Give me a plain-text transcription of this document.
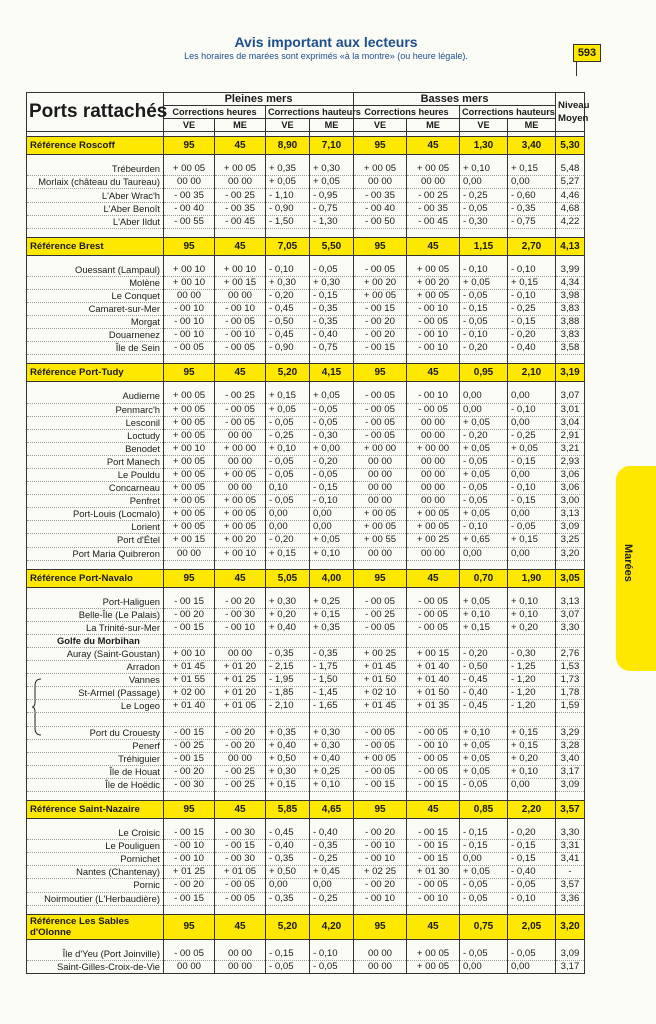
Avis important aux lecteurs
Les horaires de marées sont exprimés «à la montre» (ou heure légale).	593
Marées
Ports rattachés	Pleines mers				Basses mers				Niveau Moyen
	Corrections heures		Corrections hauteurs		Corrections heures		Corrections hauteurs		
	VE	ME	VE	ME	VE	ME	VE	ME	

Référence Roscoff	95	45	8,90	7,10	95	45	1,30	3,40	5,30

Trébeurden	+ 00 05	+ 00 05	+ 0,35	+ 0,30	+ 00 05	+ 00 05	+ 0,10	+ 0,15	5,48
Morlaix (château du Taureau)	00 00	00 00	+ 0,05	+ 0,05	00 00	00 00	0,00	0,00	5,27
L'Aber Wrac'h	- 00 35	- 00 25	- 1,10	- 0,95	- 00 35	- 00 25	- 0,25	- 0,60	4,46
L'Aber Benoît	- 00 40	- 00 35	- 0,90	- 0,75	- 00 40	- 00 35	- 0,05	- 0,35	4,68
L'Aber Ildut	- 00 55	- 00 45	- 1,50	- 1,30	- 00 50	- 00 45	- 0,30	- 0,75	4,22

Référence Brest	95	45	7,05	5,50	95	45	1,15	2,70	4,13

Ouessant (Lampaul)	+ 00 10	+ 00 10	- 0,10	- 0,05	- 00 05	+ 00 05	- 0,10	- 0,10	3,99
Molène	+ 00 10	+ 00 15	+ 0,30	+ 0,30	+ 00 20	+ 00 20	+ 0,05	+ 0,15	4,34
Le Conquet	00 00	00 00	- 0,20	- 0,15	+ 00 05	+ 00 05	- 0,05	- 0,10	3,98
Camaret-sur-Mer	- 00 10	- 00 10	- 0,45	- 0,35	- 00 15	- 00 10	- 0,15	- 0,25	3,83
Morgat	- 00 10	- 00 05	- 0,50	- 0,35	- 00 20	- 00 05	- 0,05	- 0,15	3,88
Douarnenez	- 00 10	- 00 10	- 0,45	- 0,40	- 00 20	- 00 10	- 0,10	- 0,20	3,83
Île de Sein	- 00 05	- 00 05	- 0,90	- 0,75	- 00 15	- 00 10	- 0,20	- 0,40	3,58

Référence Port-Tudy	95	45	5,20	4,15	95	45	0,95	2,10	3,19

Audierne	+ 00 05	- 00 25	+ 0,15	+ 0,05	- 00 05	- 00 10	0,00	0,00	3,07
Penmarc'h	+ 00 05	- 00 05	+ 0,05	- 0,05	- 00 05	- 00 05	0,00	- 0,10	3,01
Lesconil	+ 00 05	- 00 05	- 0,05	- 0,05	- 00 05	00 00	+ 0,05	0,00	3,04
Loctudy	+ 00 05	00 00	- 0,25	- 0,30	- 00 05	00 00	- 0,20	- 0,25	2,91
Benodet	+ 00 10	+ 00 00	+ 0,10	+ 0,00	+ 00 00	+ 00 00	+ 0,05	+ 0,05	3,21
Port Manech	+ 00 05	00 00	- 0,05	- 0,20	00 00	00 00	- 0,05	- 0,15	2,93
Le Pouldu	+ 00 05	+ 00 05	- 0,05	- 0,05	00 00	00 00	+ 0,05	0,00	3,06
Concarneau	+ 00 05	00 00	0,10	- 0,15	00 00	00 00	- 0,05	- 0,10	3,06
Penfret	+ 00 05	+ 00 05	- 0,05	- 0,10	00 00	00 00	- 0,05	- 0,15	3,00
Port-Louis (Locmalo)	+ 00 05	+ 00 05	0,00	0,00	+ 00 05	+ 00 05	+ 0,05	0,00	3,13
Lorient	+ 00 05	+ 00 05	0,00	0,00	+ 00 05	+ 00 05	- 0,10	- 0,05	3,09
Port d'Étel	+ 00 15	+ 00 20	- 0,20	+ 0,05	+ 00 55	+ 00 25	+ 0,65	+ 0,15	3,25
Port Maria Quibreron	00 00	+ 00 10	+ 0,15	+ 0,10	00 00	00 00	0,00	0,00	3,20

Référence Port-Navalo	95	45	5,05	4,00	95	45	0,70	1,90	3,05

Port-Haliguen	- 00 15	- 00 20	+ 0,30	+ 0,25	- 00 05	- 00 05	+ 0,05	+ 0,10	3,13
Belle-Île (Le Palais)	- 00 20	- 00 30	+ 0,20	+ 0,15	- 00 25	- 00 05	+ 0,10	+ 0,10	3,07
La Trinité-sur-Mer	- 00 15	- 00 10	+ 0,40	+ 0,35	- 00 05	- 00 05	+ 0,15	+ 0,20	3,30
Golfe du Morbihan									
Auray (Saint-Goustan)	+ 00 10	00 00	- 0,35	- 0,35	+ 00 25	+ 00 15	- 0,20	- 0,30	2,76
Arradon	+ 01 45	+ 01 20	- 2,15	- 1,75	+ 01 45	+ 01 40	- 0,50	- 1,25	1,53
Vannes	+ 01 55	+ 01 25	- 1,95	- 1,50	+ 01 50	+ 01 40	- 0,45	- 1,20	1,73
St-Armel (Passage)	+ 02 00	+ 01 20	- 1,85	- 1,45	+ 02 10	+ 01 50	- 0,40	- 1,20	1,78
Le Logeo	+ 01 40	+ 01 05	- 2,10	- 1,65	+ 01 45	+ 01 35	- 0,45	- 1,20	1,59

Port du Crouesty	- 00 15	- 00 20	+ 0,35	+ 0,30	- 00 05	- 00 05	+ 0,10	+ 0,15	3,29
Penerf	- 00 25	- 00 20	+ 0,40	+ 0,30	- 00 05	- 00 10	+ 0,05	+ 0,15	3,28
Tréhiguier	- 00 15	00 00	+ 0,50	+ 0,40	+ 00 05	- 00 05	+ 0,05	+ 0,20	3,40
Île de Houat	- 00 20	- 00 25	+ 0,30	+ 0,25	- 00 05	- 00 05	+ 0,05	+ 0,10	3,17
Île de Hoëdic	- 00 30	- 00 25	+ 0,15	+ 0,10	- 00 15	- 00 15	- 0,05	0,00	3,09

Référence Saint-Nazaire	95	45	5,85	4,65	95	45	0,85	2,20	3,57

Le Croisic	- 00 15	- 00 30	- 0,45	- 0,40	- 00 20	- 00 15	- 0,15	- 0,20	3,30
Le Pouliguen	- 00 10	- 00 15	- 0,40	- 0,35	- 00 10	- 00 15	- 0,15	- 0,15	3,31
Pornichet	- 00 10	- 00 30	- 0,35	- 0,25	- 00 10	- 00 15	0,00	- 0,15	3,41
Nantes (Chantenay)	+ 01 25	+ 01 05	+ 0,50	+ 0,45	+ 02 25	+ 01 30	+ 0,05	- 0,40	-
Pornic	- 00 20	- 00 05	0,00	0,00	- 00 20	- 00 05	- 0,05	- 0,05	3,57
Noirmoutier (L'Herbaudière)	- 00 15	- 00 05	- 0,35	- 0,25	- 00 10	- 00 10	- 0,05	- 0,10	3,36

Référence Les Sables d'Olonne	95	45	5,20	4,20	95	45	0,75	2,05	3,20

Île d'Yeu (Port Joinville)	- 00 05	00 00	- 0,15	- 0,10	00 00	+ 00 05	- 0,05	- 0,05	3,09
Saint-Gilles-Croix-de-Vie	00 00	00 00	- 0,05	- 0,05	00 00	+ 00 05	0,00	0,00	3,17
